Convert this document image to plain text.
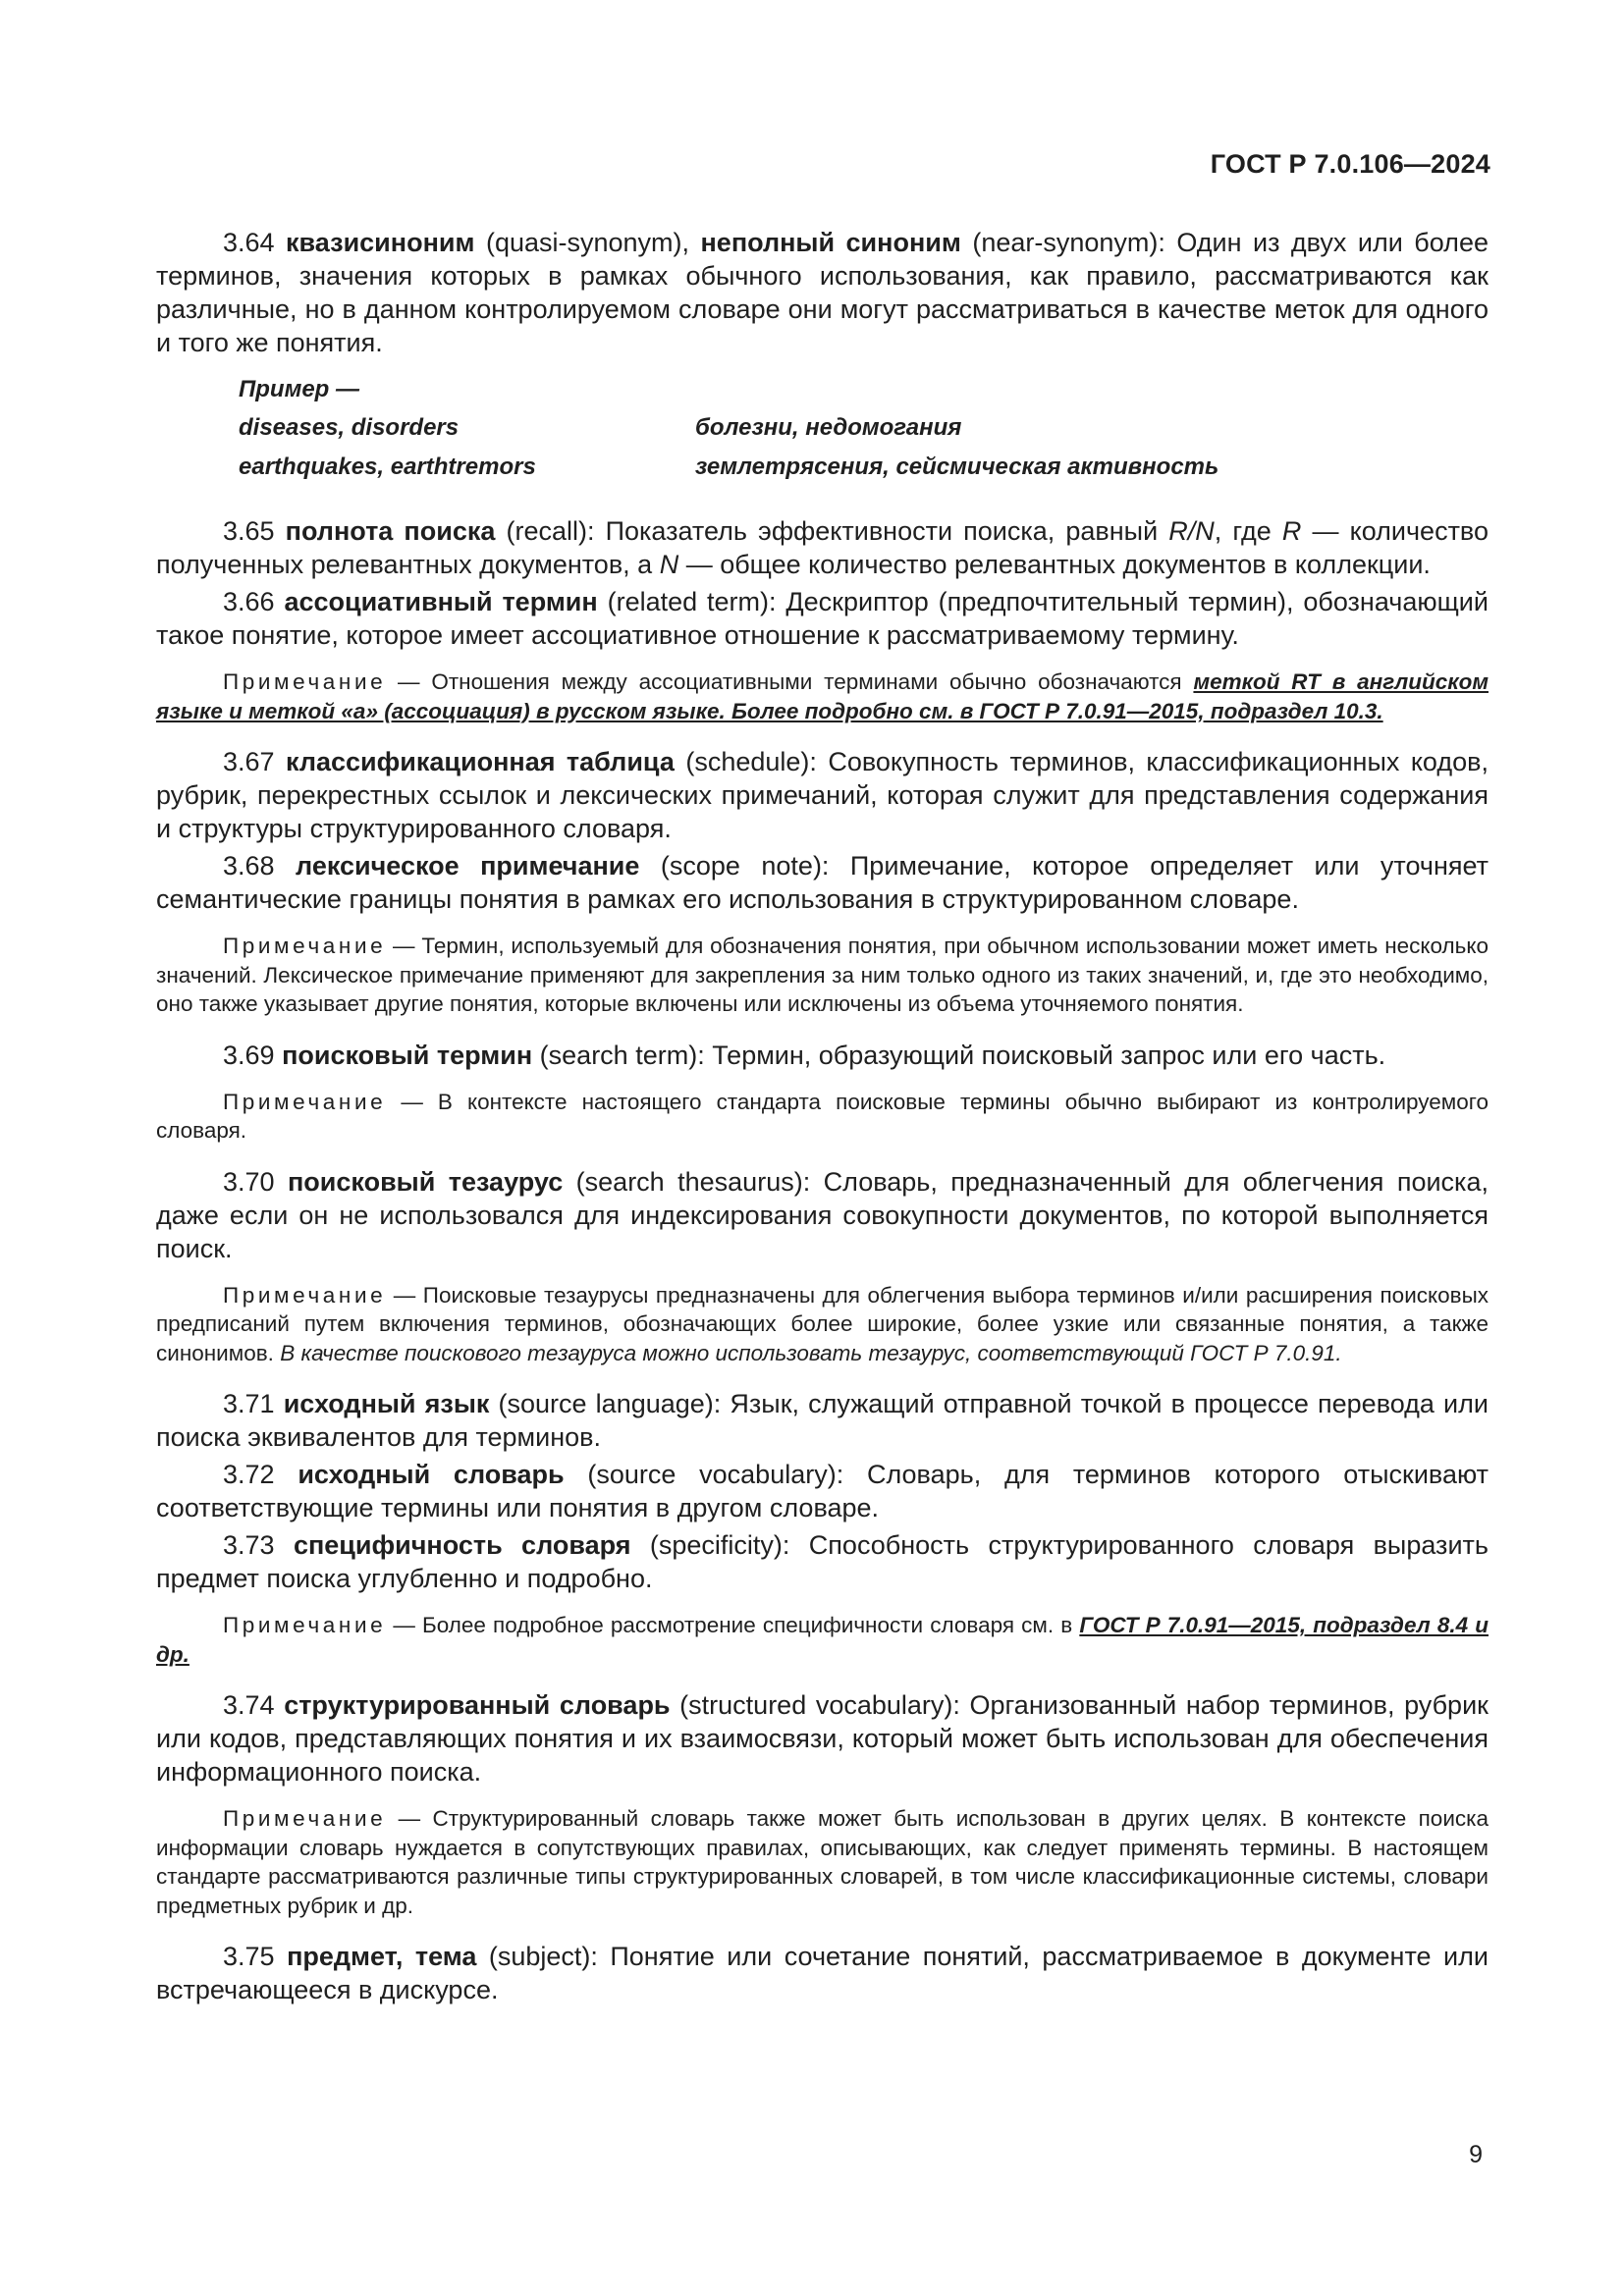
ГОСТ Р 7.0.106—2024

3.64 квазисиноним (quasi-synonym), неполный синоним (near-synonym): Один из двух или более терминов, значения которых в рамках обычного использования, как правило, рассматриваются как различные, но в данном контролируемом словаре они могут рассматриваться в качестве меток для одного и того же понятия.

Пример —
diseases, disorders	болезни, недомогания
earthquakes, earthtremors	землетрясения, сейсмическая активность

3.65 полнота поиска (recall): Показатель эффективности поиска, равный R/N, где R — количество полученных релевантных документов, а N — общее количество релевантных документов в коллекции.

3.66 ассоциативный термин (related term): Дескриптор (предпочтительный термин), обозначающий такое понятие, которое имеет ассоциативное отношение к рассматриваемому термину.

Примечание — Отношения между ассоциативными терминами обычно обозначаются меткой RT в английском языке и меткой «а» (ассоциация) в русском языке. Более подробно см. в ГОСТ Р 7.0.91—2015, подраздел 10.3.

3.67 классификационная таблица (schedule): Совокупность терминов, классификационных кодов, рубрик, перекрестных ссылок и лексических примечаний, которая служит для представления содержания и структуры структурированного словаря.

3.68 лексическое примечание (scope note): Примечание, которое определяет или уточняет семантические границы понятия в рамках его использования в структурированном словаре.

Примечание — Термин, используемый для обозначения понятия, при обычном использовании может иметь несколько значений. Лексическое примечание применяют для закрепления за ним только одного из таких значений, и, где это необходимо, оно также указывает другие понятия, которые включены или исключены из объема уточняемого понятия.

3.69 поисковый термин (search term): Термин, образующий поисковый запрос или его часть.

Примечание — В контексте настоящего стандарта поисковые термины обычно выбирают из контролируемого словаря.

3.70 поисковый тезаурус (search thesaurus): Словарь, предназначенный для облегчения поиска, даже если он не использовался для индексирования совокупности документов, по которой выполняется поиск.

Примечание — Поисковые тезаурусы предназначены для облегчения выбора терминов и/или расширения поисковых предписаний путем включения терминов, обозначающих более широкие, более узкие или связанные понятия, а также синонимов. В качестве поискового тезауруса можно использовать тезаурус, соответствующий ГОСТ Р 7.0.91.

3.71 исходный язык (source language): Язык, служащий отправной точкой в процессе перевода или поиска эквивалентов для терминов.

3.72 исходный словарь (source vocabulary): Словарь, для терминов которого отыскивают соответствующие термины или понятия в другом словаре.

3.73 специфичность словаря (specificity): Способность структурированного словаря выразить предмет поиска углубленно и подробно.

Примечание — Более подробное рассмотрение специфичности словаря см. в ГОСТ Р 7.0.91—2015, подраздел 8.4 и др.

3.74 структурированный словарь (structured vocabulary): Организованный набор терминов, рубрик или кодов, представляющих понятия и их взаимосвязи, который может быть использован для обеспечения информационного поиска.

Примечание — Структурированный словарь также может быть использован в других целях. В контексте поиска информации словарь нуждается в сопутствующих правилах, описывающих, как следует применять термины. В настоящем стандарте рассматриваются различные типы структурированных словарей, в том числе классификационные системы, словари предметных рубрик и др.

3.75 предмет, тема (subject): Понятие или сочетание понятий, рассматриваемое в документе или встречающееся в дискурсе.

9
